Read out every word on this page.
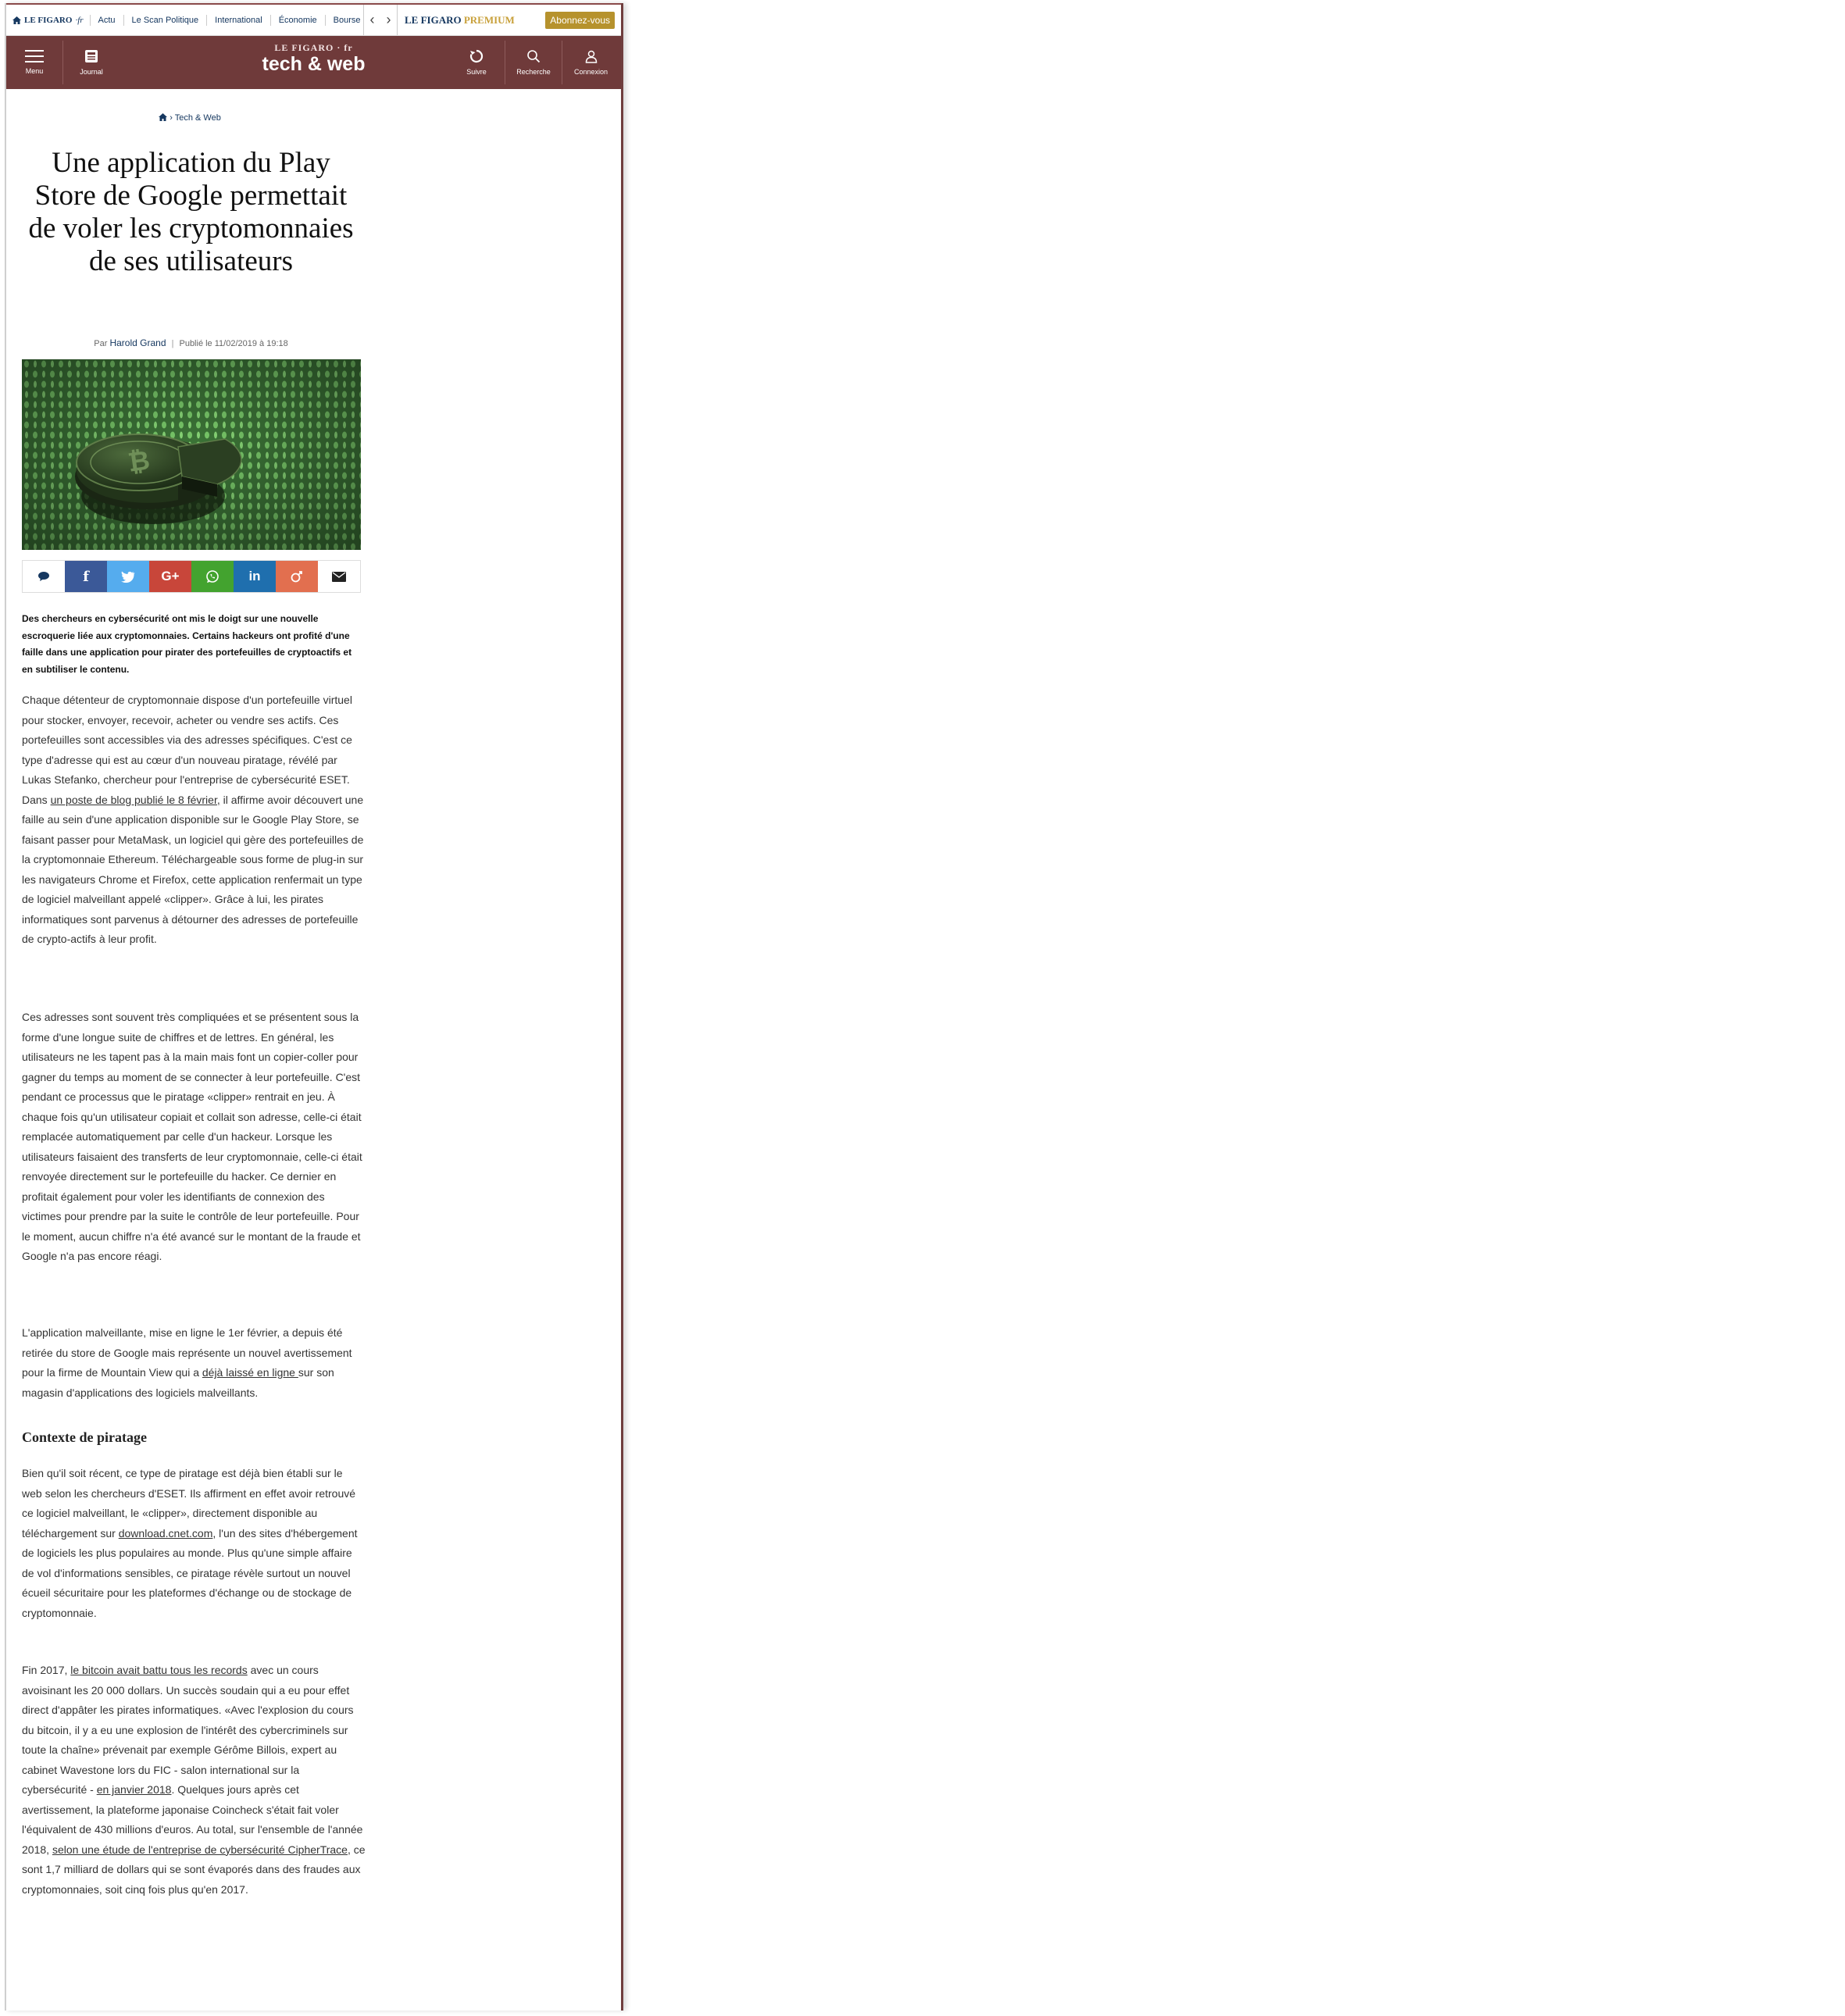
LE FIGARO ·fr	Actu	Le Scan Politique	International	Économie	Bourse ‹ › LE FIGARO PREMIUM	Abonnez-vous
Menu	Journal
LE FIGARO · fr
tech & web	Suivre	Recherche	Connexion
› Tech & Web
Une application du Play Store de Google permettait de voler les cryptomonnaies de ses utilisateurs
Par Harold Grand | Publié le 11/02/2019 à 19:18
₿
f	G+	in

Des chercheurs en cybersécurité ont mis le doigt sur une nouvelle escroquerie liée aux cryptomonnaies. Certains hackeurs ont profité d'une faille dans une application pour pirater des portefeuilles de cryptoactifs et en subtiliser le contenu.

Chaque détenteur de cryptomonnaie dispose d'un portefeuille virtuel pour stocker, envoyer, recevoir, acheter ou vendre ses actifs. Ces portefeuilles sont accessibles via des adresses spécifiques. C'est ce type d'adresse qui est au cœur d'un nouveau piratage, révélé par Lukas Stefanko, chercheur pour l'entreprise de cybersécurité ESET. Dans un poste de blog publié le 8 février, il affirme avoir découvert une faille au sein d'une application disponible sur le Google Play Store, se faisant passer pour MetaMask, un logiciel qui gère des portefeuilles de la cryptomonnaie Ethereum. Téléchargeable sous forme de plug-in sur les navigateurs Chrome et Firefox, cette application renfermait un type de logiciel malveillant appelé «clipper». Grâce à lui, les pirates informatiques sont parvenus à détourner des adresses de portefeuille de crypto-actifs à leur profit.

Ces adresses sont souvent très compliquées et se présentent sous la forme d'une longue suite de chiffres et de lettres. En général, les utilisateurs ne les tapent pas à la main mais font un copier-coller pour gagner du temps au moment de se connecter à leur portefeuille. C'est pendant ce processus que le piratage «clipper» rentrait en jeu. À chaque fois qu'un utilisateur copiait et collait son adresse, celle-ci était remplacée automatiquement par celle d'un hackeur. Lorsque les utilisateurs faisaient des transferts de leur cryptomonnaie, celle-ci était renvoyée directement sur le portefeuille du hacker. Ce dernier en profitait également pour voler les identifiants de connexion des victimes pour prendre par la suite le contrôle de leur portefeuille. Pour le moment, aucun chiffre n'a été avancé sur le montant de la fraude et Google n'a pas encore réagi.

L'application malveillante, mise en ligne le 1er février, a depuis été retirée du store de Google mais représente un nouvel avertissement pour la firme de Mountain View qui a déjà laissé en ligne sur son magasin d'applications des logiciels malveillants.

Contexte de piratage

Bien qu'il soit récent, ce type de piratage est déjà bien établi sur le web selon les chercheurs d'ESET. Ils affirment en effet avoir retrouvé ce logiciel malveillant, le «clipper», directement disponible au téléchargement sur download.cnet.com, l'un des sites d'hébergement de logiciels les plus populaires au monde. Plus qu'une simple affaire de vol d'informations sensibles, ce piratage révèle surtout un nouvel écueil sécuritaire pour les plateformes d'échange ou de stockage de cryptomonnaie.

Fin 2017, le bitcoin avait battu tous les records avec un cours avoisinant les 20 000 dollars. Un succès soudain qui a eu pour effet direct d'appâter les pirates informatiques. «Avec l'explosion du cours du bitcoin, il y a eu une explosion de l'intérêt des cybercriminels sur toute la chaîne» prévenait par exemple Gérôme Billois, expert au cabinet Wavestone lors du FIC - salon international sur la cybersécurité - en janvier 2018. Quelques jours après cet avertissement, la plateforme japonaise Coincheck s'était fait voler l'équivalent de 430 millions d'euros. Au total, sur l'ensemble de l'année 2018, selon une étude de l'entreprise de cybersécurité CipherTrace, ce sont 1,7 milliard de dollars qui se sont évaporés dans des fraudes aux cryptomonnaies, soit cinq fois plus qu'en 2017.
